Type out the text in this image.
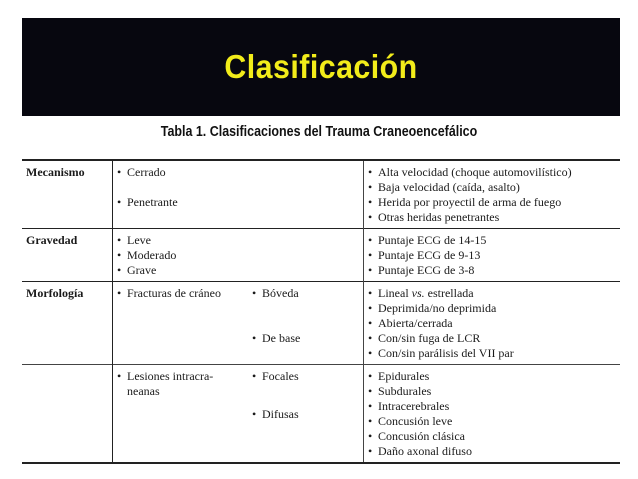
Clasificación
Tabla 1. Clasificaciones del Trauma Craneoencefálico
Mecanismo	
•Cerrado
• Penetrante

• Alta velocidad (choque automovilístico)
• Baja velocidad (caída, asalto)
• Herida por proyectil de arma de fuego
• Otras heridas penetrantes

Gravedad	
•Leve
• Moderado
• Grave

• Puntaje ECG de 14-15
• Puntaje ECG de 9-13
• Puntaje ECG de 3-8

Morfología	
•Fracturas de cráneo
•	Bóveda
• De base

• Lineal vs. estrellada
• Deprimida/no deprimida
• Abierta/cerrada
• Con/sin fuga de LCR
• Con/sin parálisis del VII par

• Lesiones intracra-
neanas
• Focales
• Difusas

• Epidurales
• Subdurales
• Intracerebrales
• Concusión leve
• Concusión clásica
• Daño axonal difuso
